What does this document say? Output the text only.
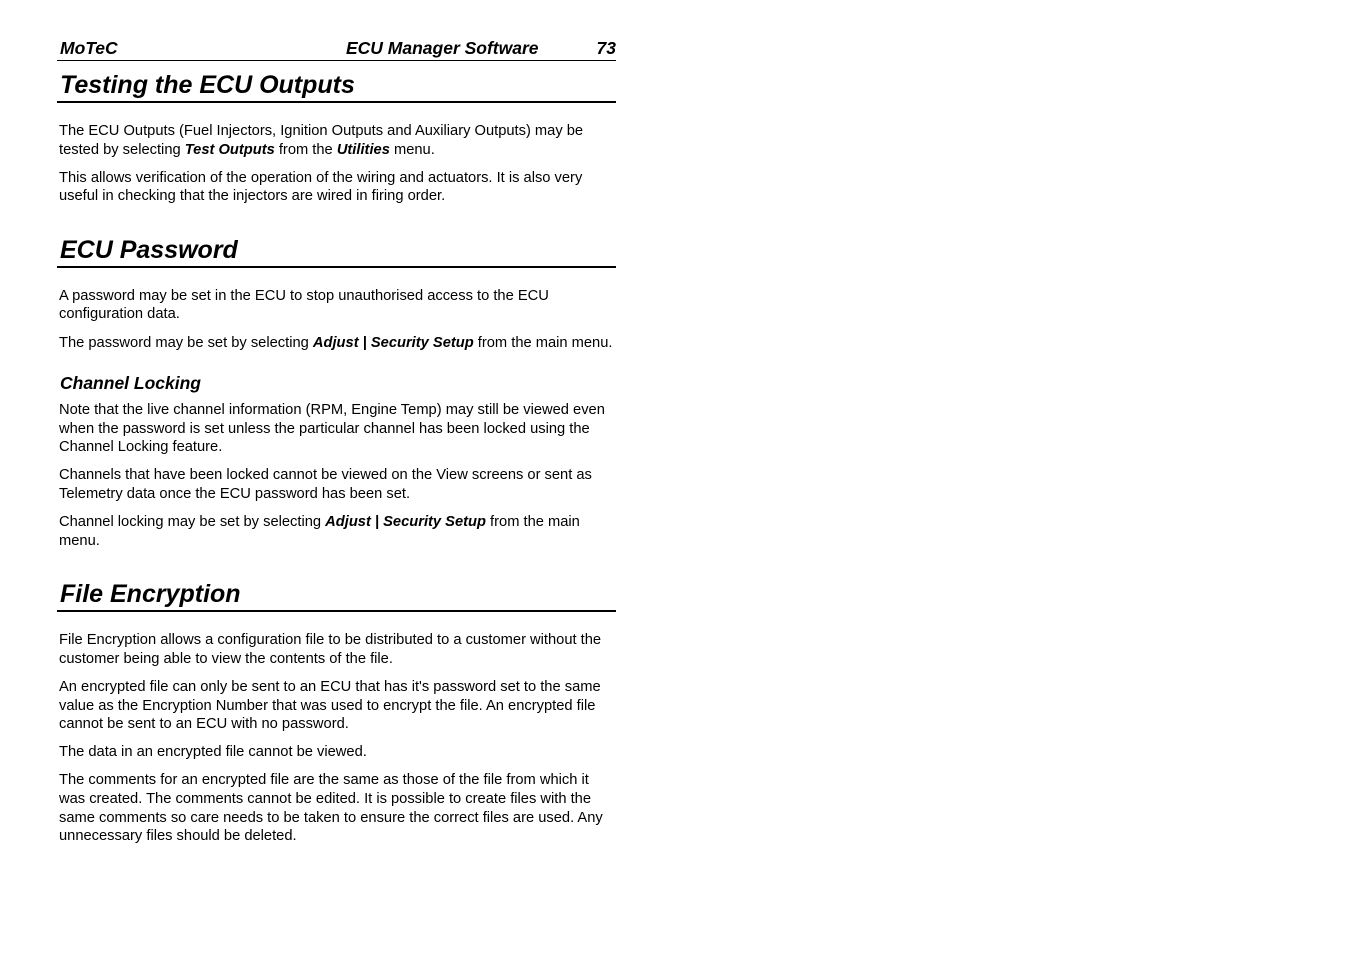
MoTeC	ECU Manager Software	73
Testing the ECU Outputs

The ECU Outputs (Fuel Injectors, Ignition Outputs and Auxiliary Outputs) may be tested by selecting Test Outputs from the Utilities menu.

This allows verification of the operation of the wiring and actuators. It is also very useful in checking that the injectors are wired in firing order.

ECU Password

A password may be set in the ECU to stop unauthorised access to the ECU configuration data.

The password may be set by selecting Adjust | Security Setup from the main menu.

Channel Locking

Note that the live channel information (RPM, Engine Temp) may still be viewed even when the password is set unless the particular channel has been locked using the Channel Locking feature.

Channels that have been locked cannot be viewed on the View screens or sent as Telemetry data once the ECU password has been set.

Channel locking may be set by selecting Adjust | Security Setup from the main menu.

File Encryption

File Encryption allows a configuration file to be distributed to a customer without the customer being able to view the contents of the file.

An encrypted file can only be sent to an ECU that has it's password set to the same value as the Encryption Number that was used to encrypt the file. An encrypted file cannot be sent to an ECU with no password.

The data in an encrypted file cannot be viewed.

The comments for an encrypted file are the same as those of the file from which it was created. The comments cannot be edited. It is possible to create files with the same comments so care needs to be taken to ensure the correct files are used. Any unnecessary files should be deleted.
